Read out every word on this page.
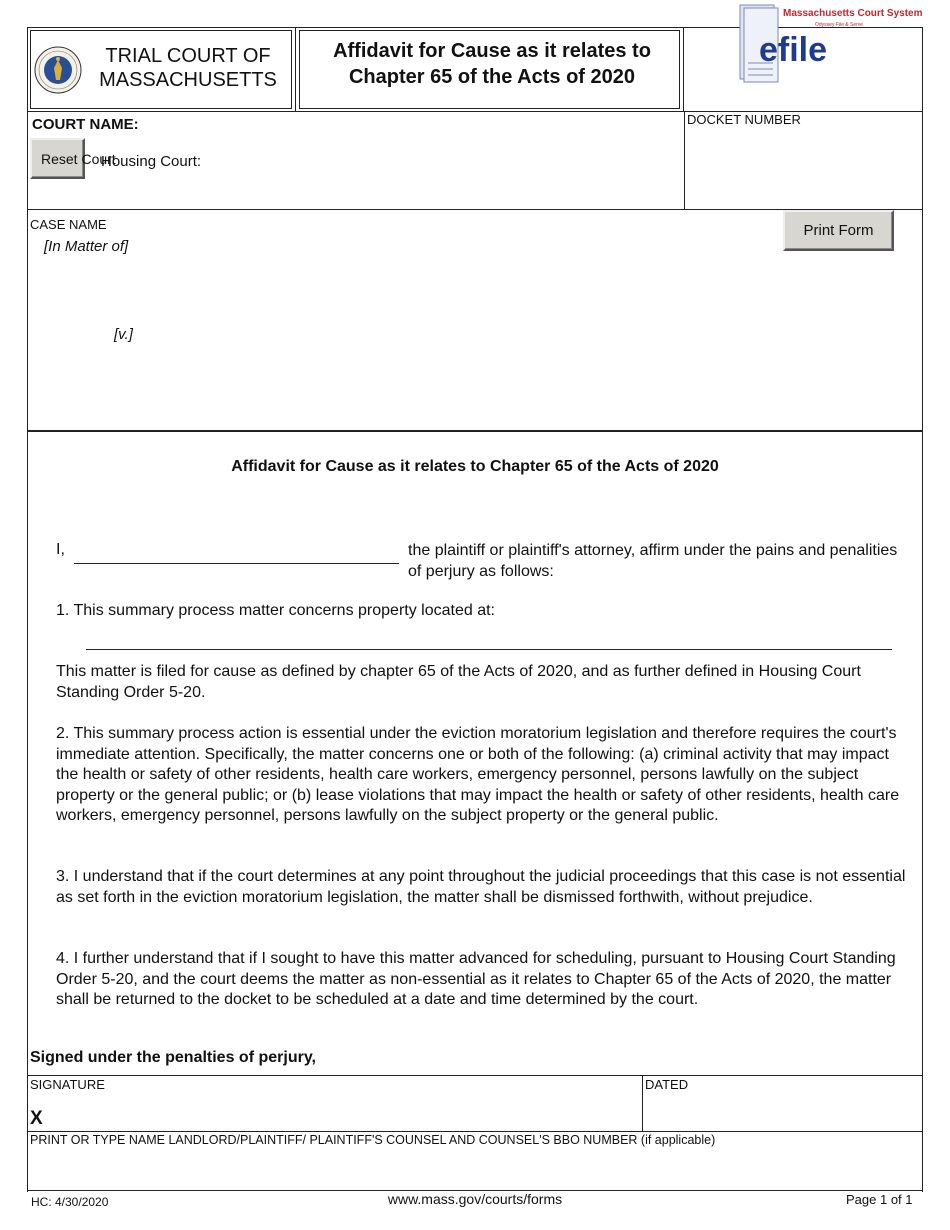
TRIAL COURT OF MASSACHUSETTS
Affidavit for Cause as it relates to Chapter 65 of the Acts of 2020
Massachusetts Court System
Odyssey File & Serve
efile
COURT NAME:
Reset Court
Housing Court:
DOCKET NUMBER
CASE NAME
[In Matter of]
[v.]
Print Form
Affidavit for Cause as it relates to Chapter 65 of the Acts of 2020
I,	the plaintiff or plaintiff's attorney, affirm under the pains and penalities of perjury as follows:
1. This summary process matter concerns property located at:
This matter is filed for cause as defined by chapter 65 of the Acts of 2020, and as further defined in Housing Court Standing Order 5-20.
2. This summary process action is essential under the eviction moratorium legislation and therefore requires the court's immediate attention. Specifically, the matter concerns one or both of the following: (a) criminal activity that may impact the health or safety of other residents, health care workers, emergency personnel, persons lawfully on the subject property or the general public; or (b) lease violations that may impact the health or safety of other residents, health care workers, emergency personnel, persons lawfully on the subject property or the general public.
3. I understand that if the court determines at any point throughout the judicial proceedings that this case is not essential as set forth in the eviction moratorium legislation, the matter shall be dismissed forthwith, without prejudice.
4. I further understand that if I sought to have this matter advanced for scheduling, pursuant to Housing Court Standing Order 5-20, and the court deems the matter as non-essential as it relates to Chapter 65 of the Acts of 2020, the matter shall be returned to the docket to be scheduled at a date and time determined by the court.
Signed under the penalties of perjury,
SIGNATURE
X
DATED
PRINT OR TYPE NAME LANDLORD/PLAINTIFF/ PLAINTIFF'S COUNSEL AND COUNSEL'S BBO NUMBER (if applicable)
HC: 4/30/2020	www.mass.gov/courts/forms	Page 1 of 1
